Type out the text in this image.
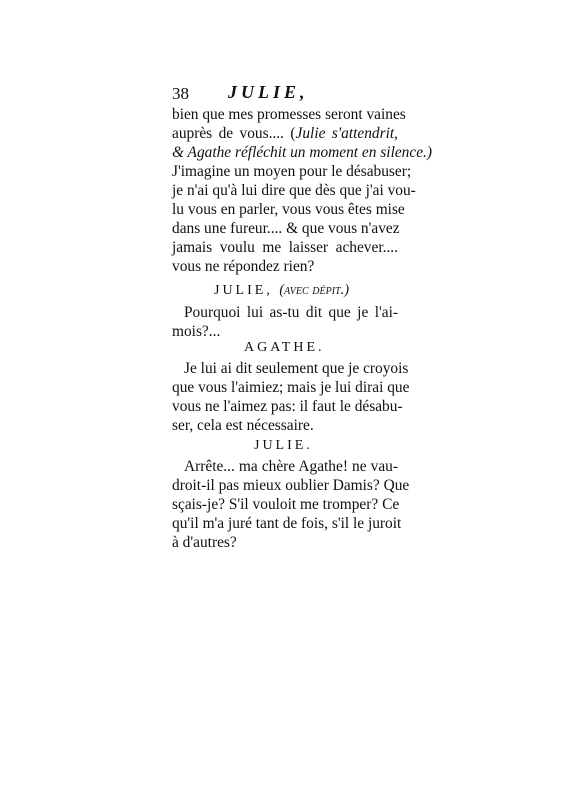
38 JULIE,
bien que mes promesses seront vaines
auprès de vous.... (Julie s'attendrit,
& Agathe réfléchit un moment en silence.)
J'imagine un moyen pour le désabuser;
je n'ai qu'à lui dire que dès que j'ai vou-
lu vous en parler, vous vous êtes mise
dans une fureur.... & que vous n'avez
jamais voulu me laisser achever....
vous ne répondez rien?
JULIE, (avec dépit.)
Pourquoi lui as-tu dit que je l'ai-
mois?...
AGATHE.
Je lui ai dit seulement que je croyois
que vous l'aimiez; mais je lui dirai que
vous ne l'aimez pas: il faut le désabu-
ser, cela est nécessaire.
JULIE.
Arrête... ma chère Agathe! ne vau-
droit-il pas mieux oublier Damis? Que
sçais-je? S'il vouloit me tromper? Ce
qu'il m'a juré tant de fois, s'il le juroit
à d'autres?
